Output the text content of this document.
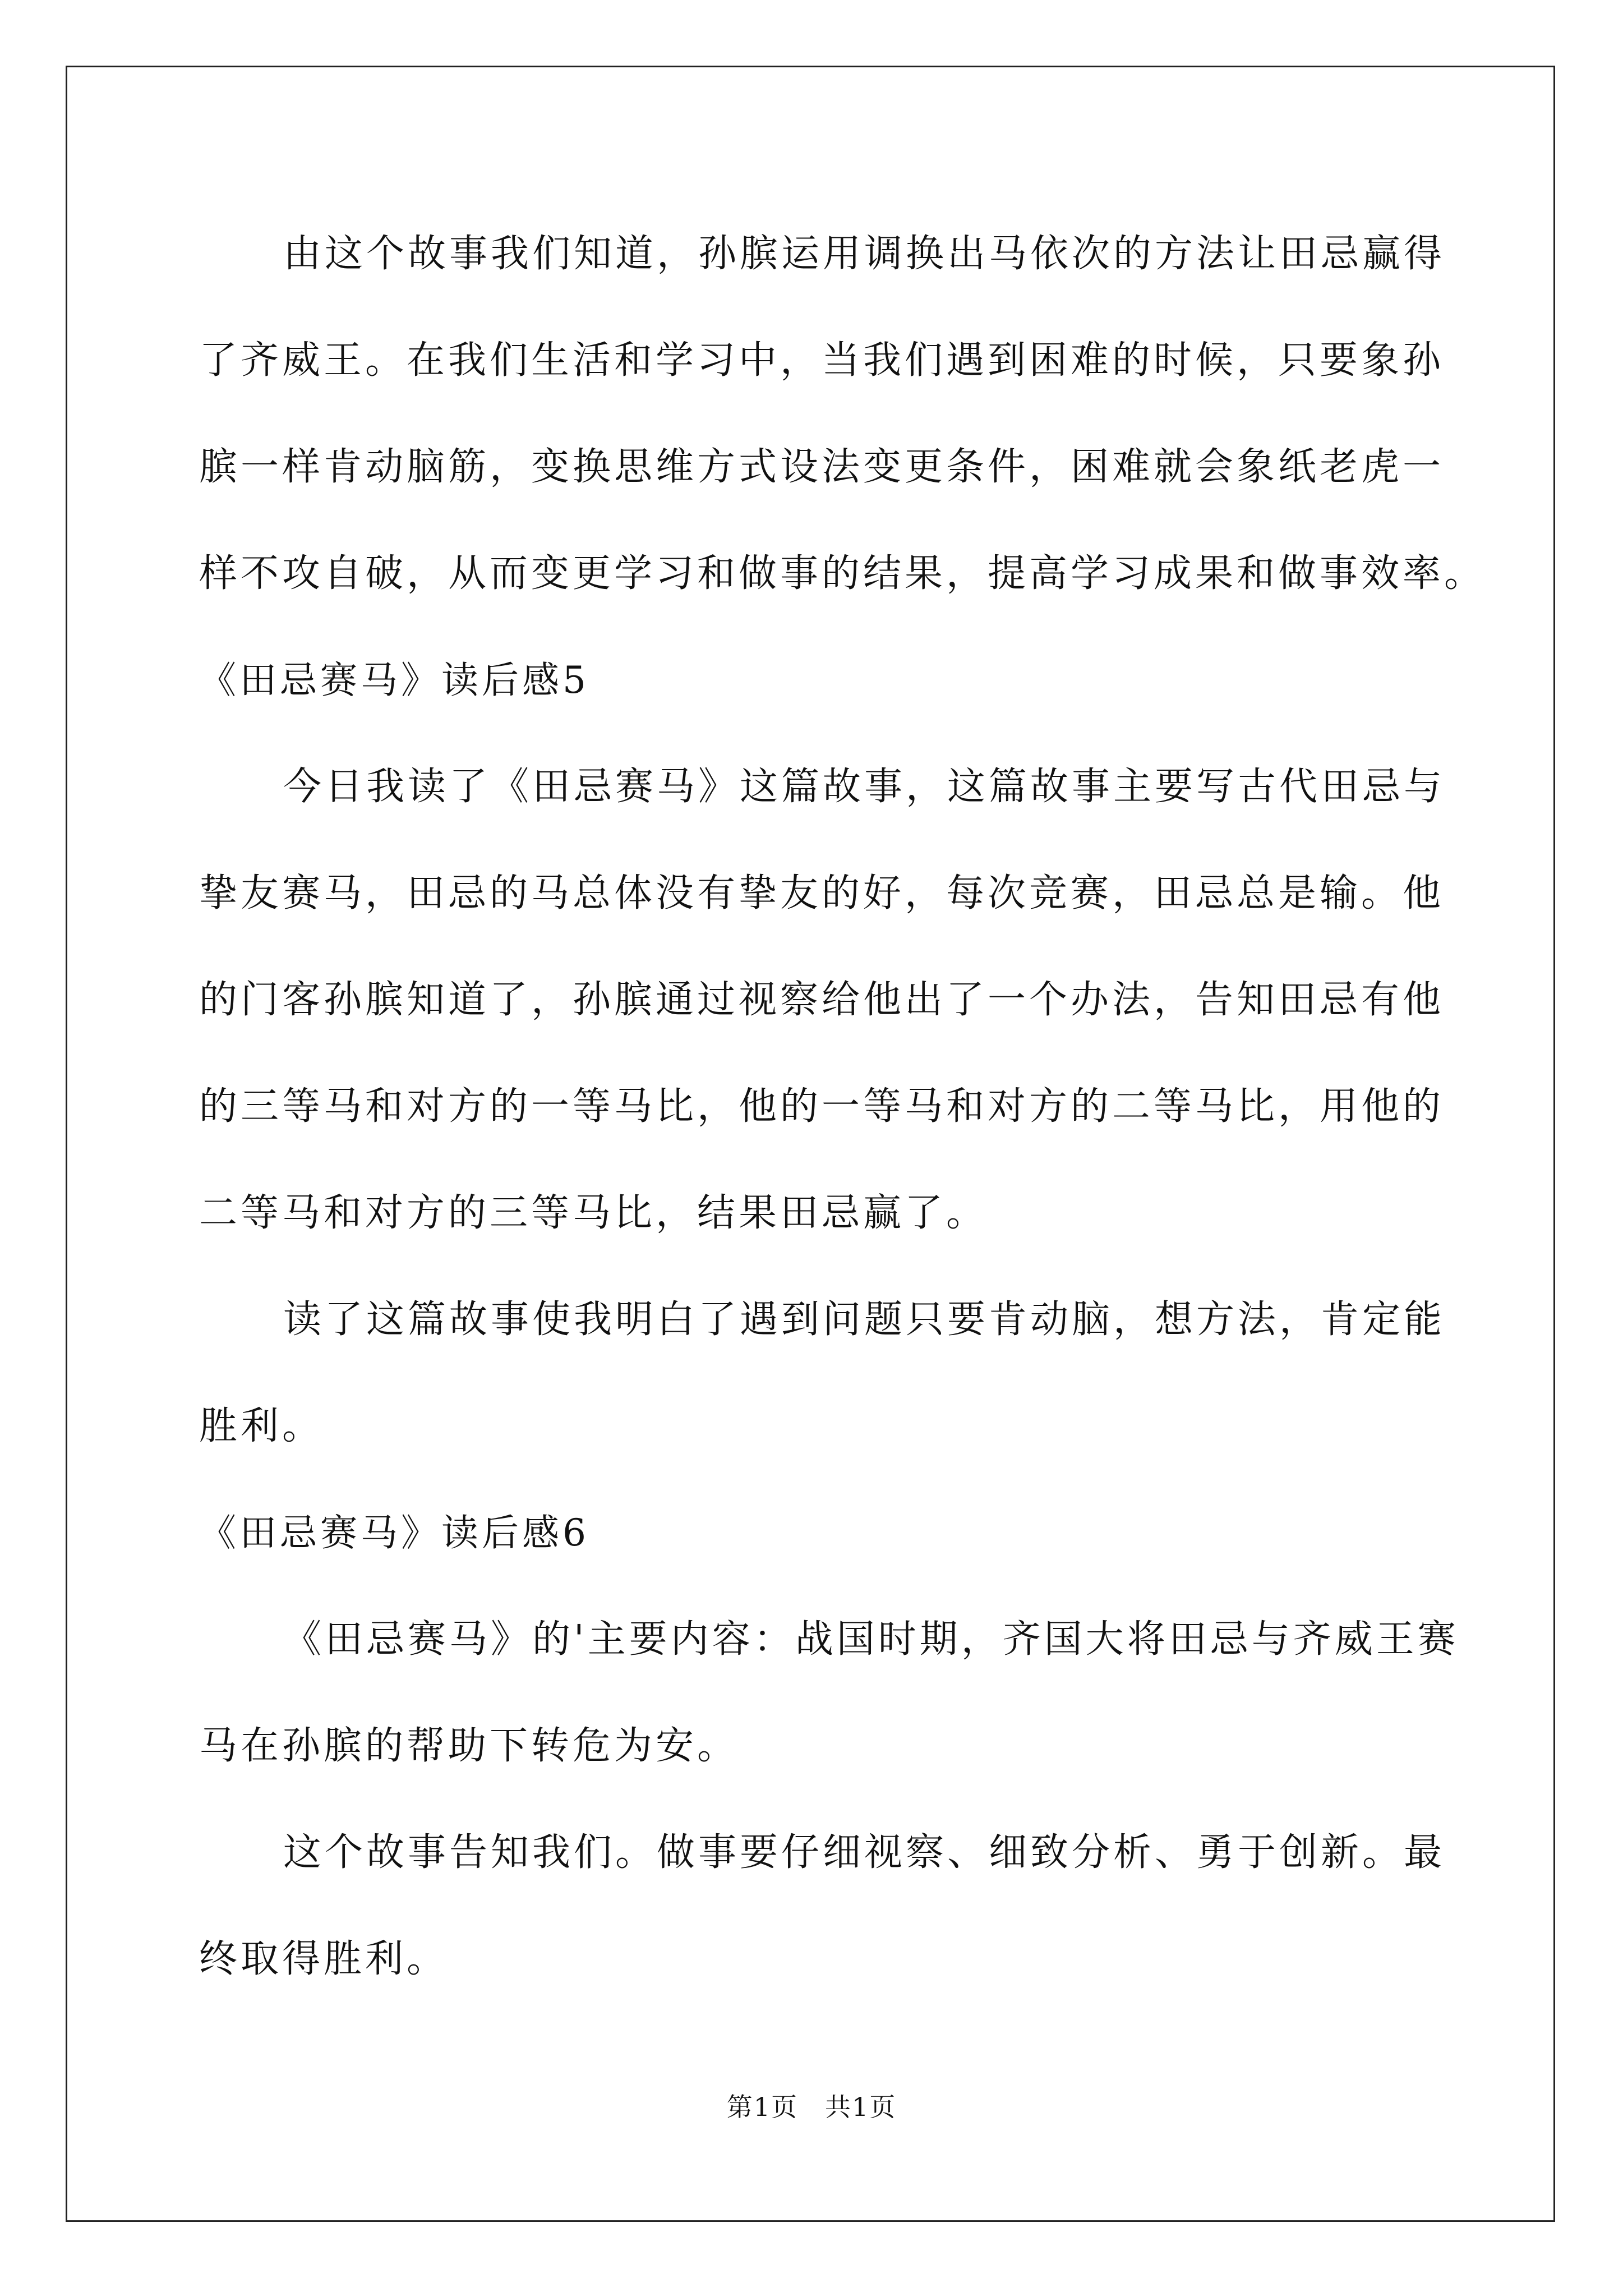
由这个故事我们知道，孙膑运用调换出马依次的方法让田忌赢得
了齐威王。在我们生活和学习中，当我们遇到困难的时候，只要象孙
膑一样肯动脑筋，变换思维方式设法变更条件，困难就会象纸老虎一
样不攻自破，从而变更学习和做事的结果，提高学习成果和做事效率。
《田忌赛马》读后感5
今日我读了《田忌赛马》这篇故事，这篇故事主要写古代田忌与
挚友赛马，田忌的马总体没有挚友的好，每次竞赛，田忌总是输。他
的门客孙膑知道了，孙膑通过视察给他出了一个办法，告知田忌有他
的三等马和对方的一等马比，他的一等马和对方的二等马比，用他的
二等马和对方的三等马比，结果田忌赢了。
读了这篇故事使我明白了遇到问题只要肯动脑，想方法，肯定能
胜利。
《田忌赛马》读后感6
《田忌赛马》的'主要内容：战国时期，齐国大将田忌与齐威王赛
马在孙膑的帮助下转危为安。
这个故事告知我们。做事要仔细视察、细致分析、勇于创新。最
终取得胜利。
第1页　共1页
